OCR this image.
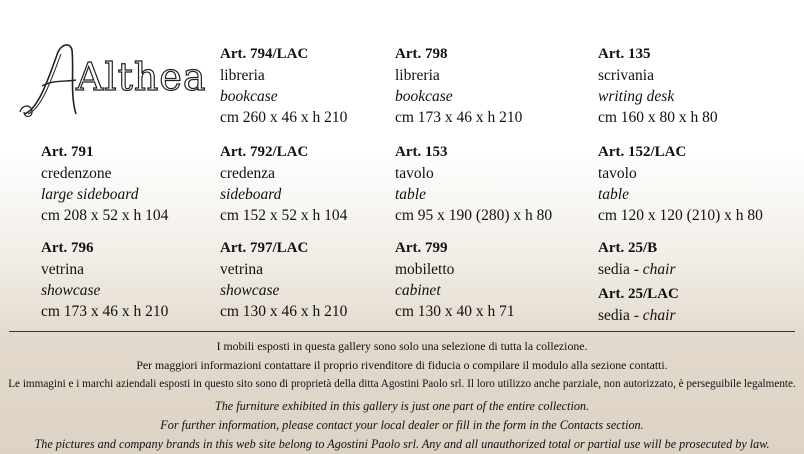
Althea
Art. 794/LAC
libreria
bookcase
cm 260 x 46 x h 210
Art. 798
libreria
bookcase
cm 173 x 46 x h 210
Art. 135
scrivania
writing desk
cm 160 x 80 x h 80
Art. 791
credenzone
large sideboard
cm 208 x 52 x h 104
Art. 792/LAC
credenza
sideboard
cm 152 x 52 x h 104
Art. 153
tavolo
table
cm 95 x 190 (280) x h 80
Art. 152/LAC
tavolo
table
cm 120 x 120 (210) x h 80
Art. 796
vetrina
showcase
cm 173 x 46 x h 210
Art. 797/LAC
vetrina
showcase
cm 130 x 46 x h 210
Art. 799
mobiletto
cabinet
cm 130 x 40 x h 71
Art. 25/B
sedia - chair
Art. 25/LAC
sedia - chair
I mobili esposti in questa gallery sono solo una selezione di tutta la collezione.
Per maggiori informazioni contattare il proprio rivenditore di fiducia o compilare il modulo alla sezione contatti.
Le immagini e i marchi aziendali esposti in questo sito sono di proprietà della ditta Agostini Paolo srl. Il loro utilizzo anche parziale, non autorizzato, è perseguibile legalmente.
The furniture exhibited in this gallery is just one part of the entire collection.
For further information, please contact your local dealer or fill in the form in the Contacts section.
The pictures and company brands in this web site belong to Agostini Paolo srl. Any and all unauthorized total or partial use will be prosecuted by law.
